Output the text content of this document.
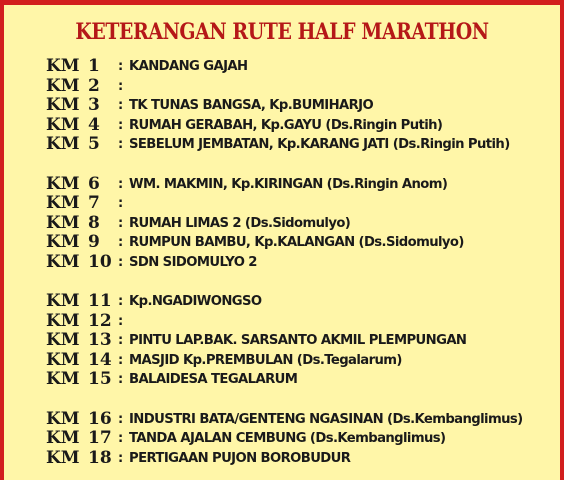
KETERANGAN RUTE HALF MARATHON
KM 1	: KANDANG GAJAH
KM 2	:
KM 3	: TK TUNAS BANGSA, Kp.BUMIHARJO
KM 4	: RUMAH GERABAH, Kp.GAYU (Ds.Ringin Putih)
KM 5	: SEBELUM JEMBATAN, Kp.KARANG JATI (Ds.Ringin Putih)
KM 6	: WM. MAKMIN, Kp.KIRINGAN (Ds.Ringin Anom)
KM 7	:
KM 8	: RUMAH LIMAS 2 (Ds.Sidomulyo)
KM 9	: RUMPUN BAMBU, Kp.KALANGAN (Ds.Sidomulyo)
KM 10 : SDN SIDOMULYO 2
KM 11 : Kp.NGADIWONGSO
KM 12 :
KM 13 : PINTU LAP.BAK. SARSANTO AKMIL PLEMPUNGAN
KM 14 : MASJID Kp.PREMBULAN (Ds.Tegalarum)
KM 15 : BALAIDESA TEGALARUM
KM 16 : INDUSTRI BATA/GENTENG NGASINAN (Ds.Kembanglimus)
KM 17 : TANDA AJALAN CEMBUNG (Ds.Kembanglimus)
KM 18 : PERTIGAAN PUJON BOROBUDUR
